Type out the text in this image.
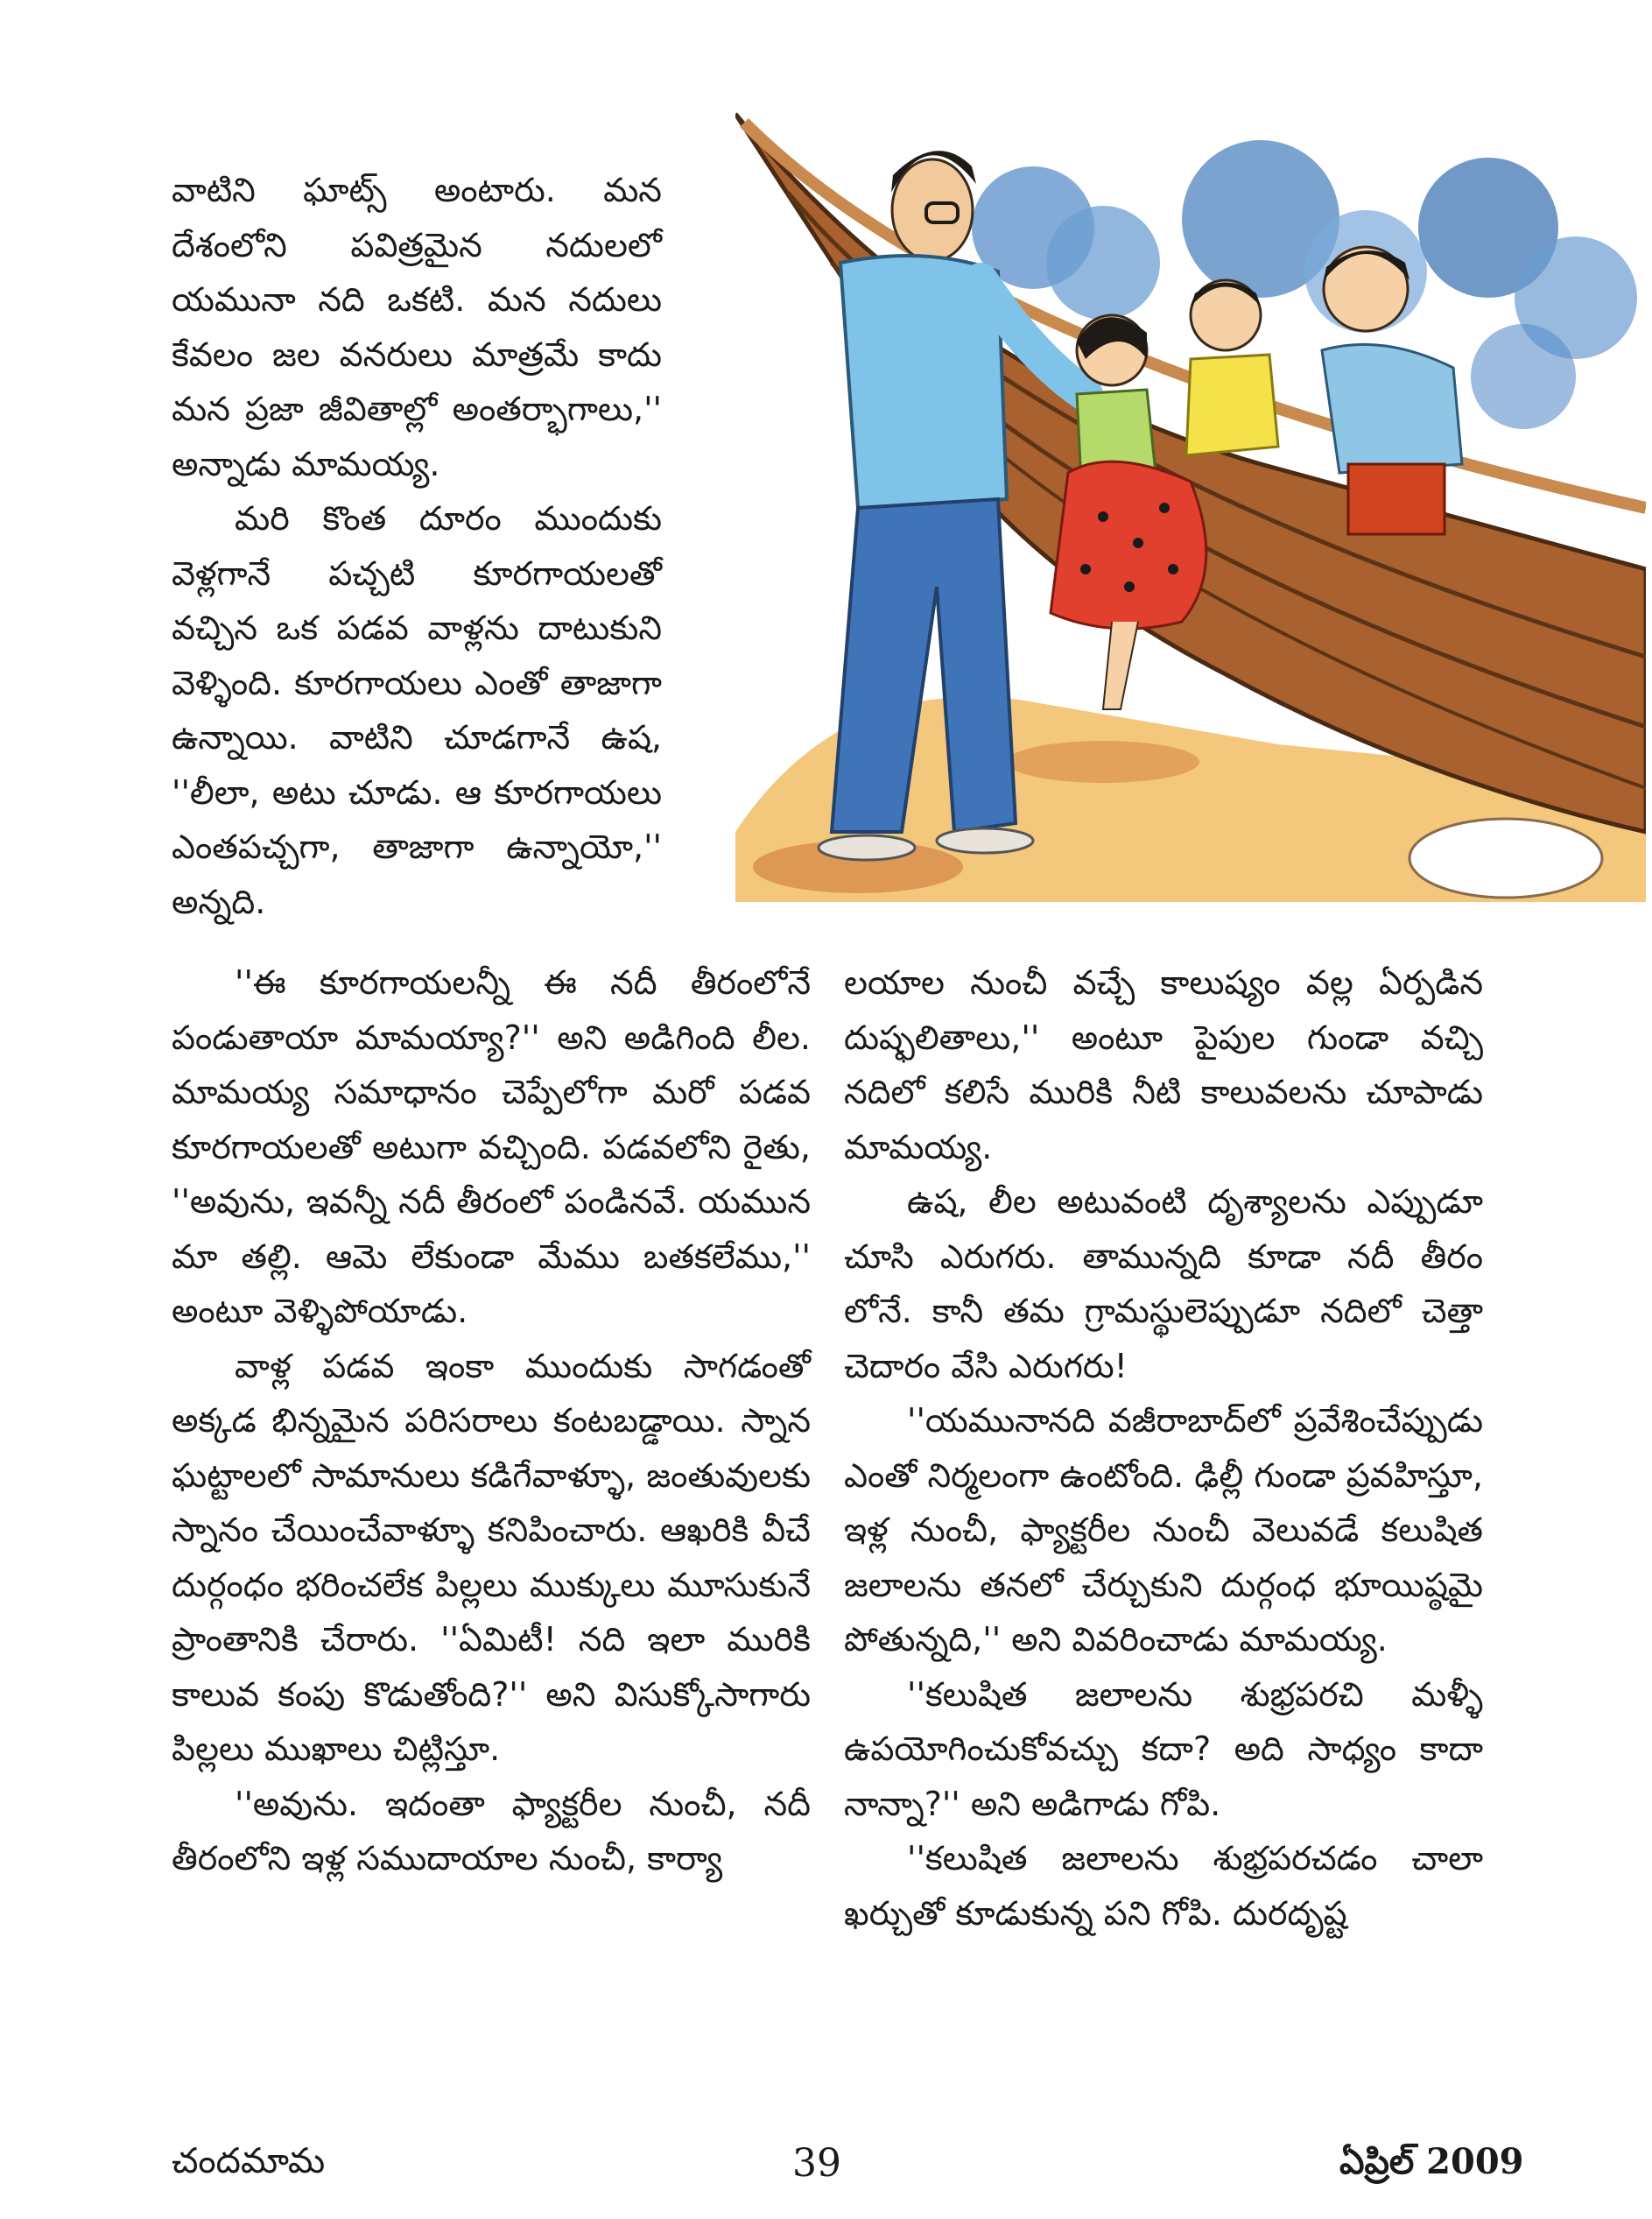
వాటిని ఘాట్స్ అంటారు. మన దేశంలోని పవిత్రమైన నదులలో యమునా నది ఒకటి. మన నదులు కేవలం జల వనరులు మాత్రమే కాదు మన ప్రజా జీవితాల్లో అంతర్భాగాలు,'' అన్నాడు మామయ్య.

మరి కొంత దూరం ముందుకు వెళ్లగానే పచ్చటి కూరగాయలతో వచ్చిన ఒక పడవ వాళ్లను దాటుకుని వెళ్ళింది. కూరగాయలు ఎంతో తాజాగా ఉన్నాయి. వాటిని చూడగానే ఉష, ''లీలా, అటు చూడు. ఆ కూరగాయలు ఎంతపచ్చగా, తాజాగా ఉన్నాయో,'' అన్నది.

''ఈ కూరగాయలన్నీ ఈ నదీ తీరంలోనే పండుతాయా మామయ్యా?'' అని అడిగింది లీల. మామయ్య సమాధానం చెప్పేలోగా మరో పడవ కూరగాయలతో అటుగా వచ్చింది. పడవలోని రైతు, ''అవును, ఇవన్నీ నదీ తీరంలో పండినవే. యమున మా తల్లి. ఆమె లేకుండా మేము బతకలేము,'' అంటూ వెళ్ళిపోయాడు.

వాళ్ల పడవ ఇంకా ముందుకు సాగడంతో అక్కడ భిన్నమైన పరిసరాలు కంటబడ్డాయి. స్నాన ఘట్టాలలో సామానులు కడిగేవాళ్ళూ, జంతువులకు స్నానం చేయించేవాళ్ళూ కనిపించారు. ఆఖరికి వీచే దుర్గంధం భరించలేక పిల్లలు ముక్కులు మూసుకునే ప్రాంతానికి చేరారు. ''ఏమిటీ! నది ఇలా మురికి కాలువ కంపు కొడుతోంది?'' అని విసుక్కోసాగారు పిల్లలు ముఖాలు చిట్లిస్తూ.

''అవును. ఇదంతా ఫ్యాక్టరీల నుంచీ, నదీ తీరంలోని ఇళ్ల సముదాయాల నుంచీ, కార్యా

లయాల నుంచీ వచ్చే కాలుష్యం వల్ల ఏర్పడిన దుష్ఫలితాలు,'' అంటూ పైపుల గుండా వచ్చి నదిలో కలిసే మురికి నీటి కాలువలను చూపాడు మామయ్య.

ఉష, లీల అటువంటి దృశ్యాలను ఎప్పుడూ చూసి ఎరుగరు. తామున్నది కూడా నదీ తీరం లోనే. కానీ తమ గ్రామస్థులెప్పుడూ నదిలో చెత్తా చెదారం వేసి ఎరుగరు!

''యమునానది వజీరాబాద్‌లో ప్రవేశించేప్పుడు ఎంతో నిర్మలంగా ఉంటోంది. ఢిల్లీ గుండా ప్రవహిస్తూ, ఇళ్ల నుంచీ, ఫ్యాక్టరీల నుంచీ వెలువడే కలుషిత జలాలను తనలో చేర్చుకుని దుర్గంధ భూయిష్ఠమై పోతున్నది,'' అని వివరించాడు మామయ్య.

''కలుషిత జలాలను శుభ్రపరచి మళ్ళీ ఉపయోగించుకోవచ్చు కదా? అది సాధ్యం కాదా నాన్నా?'' అని అడిగాడు గోపి.

''కలుషిత జలాలను శుభ్రపరచడం చాలా ఖర్చుతో కూడుకున్న పని గోపి. దురదృష్ట

చందమామ	39	ఏప్రిల్ 2009
